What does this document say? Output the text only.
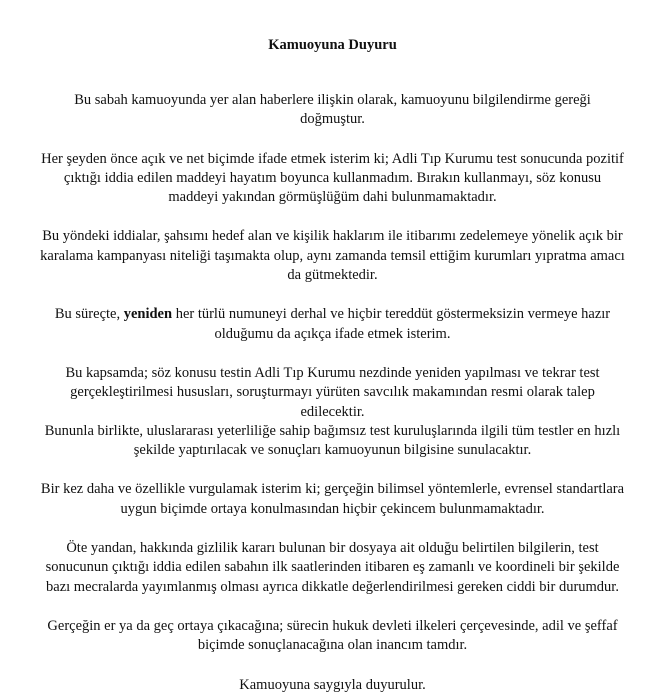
Kamuoyuna Duyuru

Bu sabah kamuoyunda yer alan haberlere ilişkin olarak, kamuoyunu bilgilendirme gereği doğmuştur.

Her şeyden önce açık ve net biçimde ifade etmek isterim ki; Adli Tıp Kurumu test sonucunda pozitif çıktığı iddia edilen maddeyi hayatım boyunca kullanmadım. Bırakın kullanmayı, söz konusu maddeyi yakından görmüşlüğüm dahi bulunmamaktadır.

Bu yöndeki iddialar, şahsımı hedef alan ve kişilik haklarım ile itibarımı zedelemeye yönelik açık bir karalama kampanyası niteliği taşımakta olup, aynı zamanda temsil ettiğim kurumları yıpratma amacı da gütmektedir.

Bu süreçte, yeniden her türlü numuneyi derhal ve hiçbir tereddüt göstermeksizin vermeye hazır olduğumu da açıkça ifade etmek isterim.

Bu kapsamda; söz konusu testin Adli Tıp Kurumu nezdinde yeniden yapılması ve tekrar test gerçekleştirilmesi hususları, soruşturmayı yürüten savcılık makamından resmi olarak talep edilecektir.

Bununla birlikte, uluslararası yeterliliğe sahip bağımsız test kuruluşlarında ilgili tüm testler en hızlı şekilde yaptırılacak ve sonuçları kamuoyunun bilgisine sunulacaktır.

Bir kez daha ve özellikle vurgulamak isterim ki; gerçeğin bilimsel yöntemlerle, evrensel standartlara uygun biçimde ortaya konulmasından hiçbir çekincem bulunmamaktadır.

Öte yandan, hakkında gizlilik kararı bulunan bir dosyaya ait olduğu belirtilen bilgilerin, test sonucunun çıktığı iddia edilen sabahın ilk saatlerinden itibaren eş zamanlı ve koordineli bir şekilde bazı mecralarda yayımlanmış olması ayrıca dikkatle değerlendirilmesi gereken ciddi bir durumdur.

Gerçeğin er ya da geç ortaya çıkacağına; sürecin hukuk devleti ilkeleri çerçevesinde, adil ve şeffaf biçimde sonuçlanacağına olan inancım tamdır.

Kamuoyuna saygıyla duyurulur.
